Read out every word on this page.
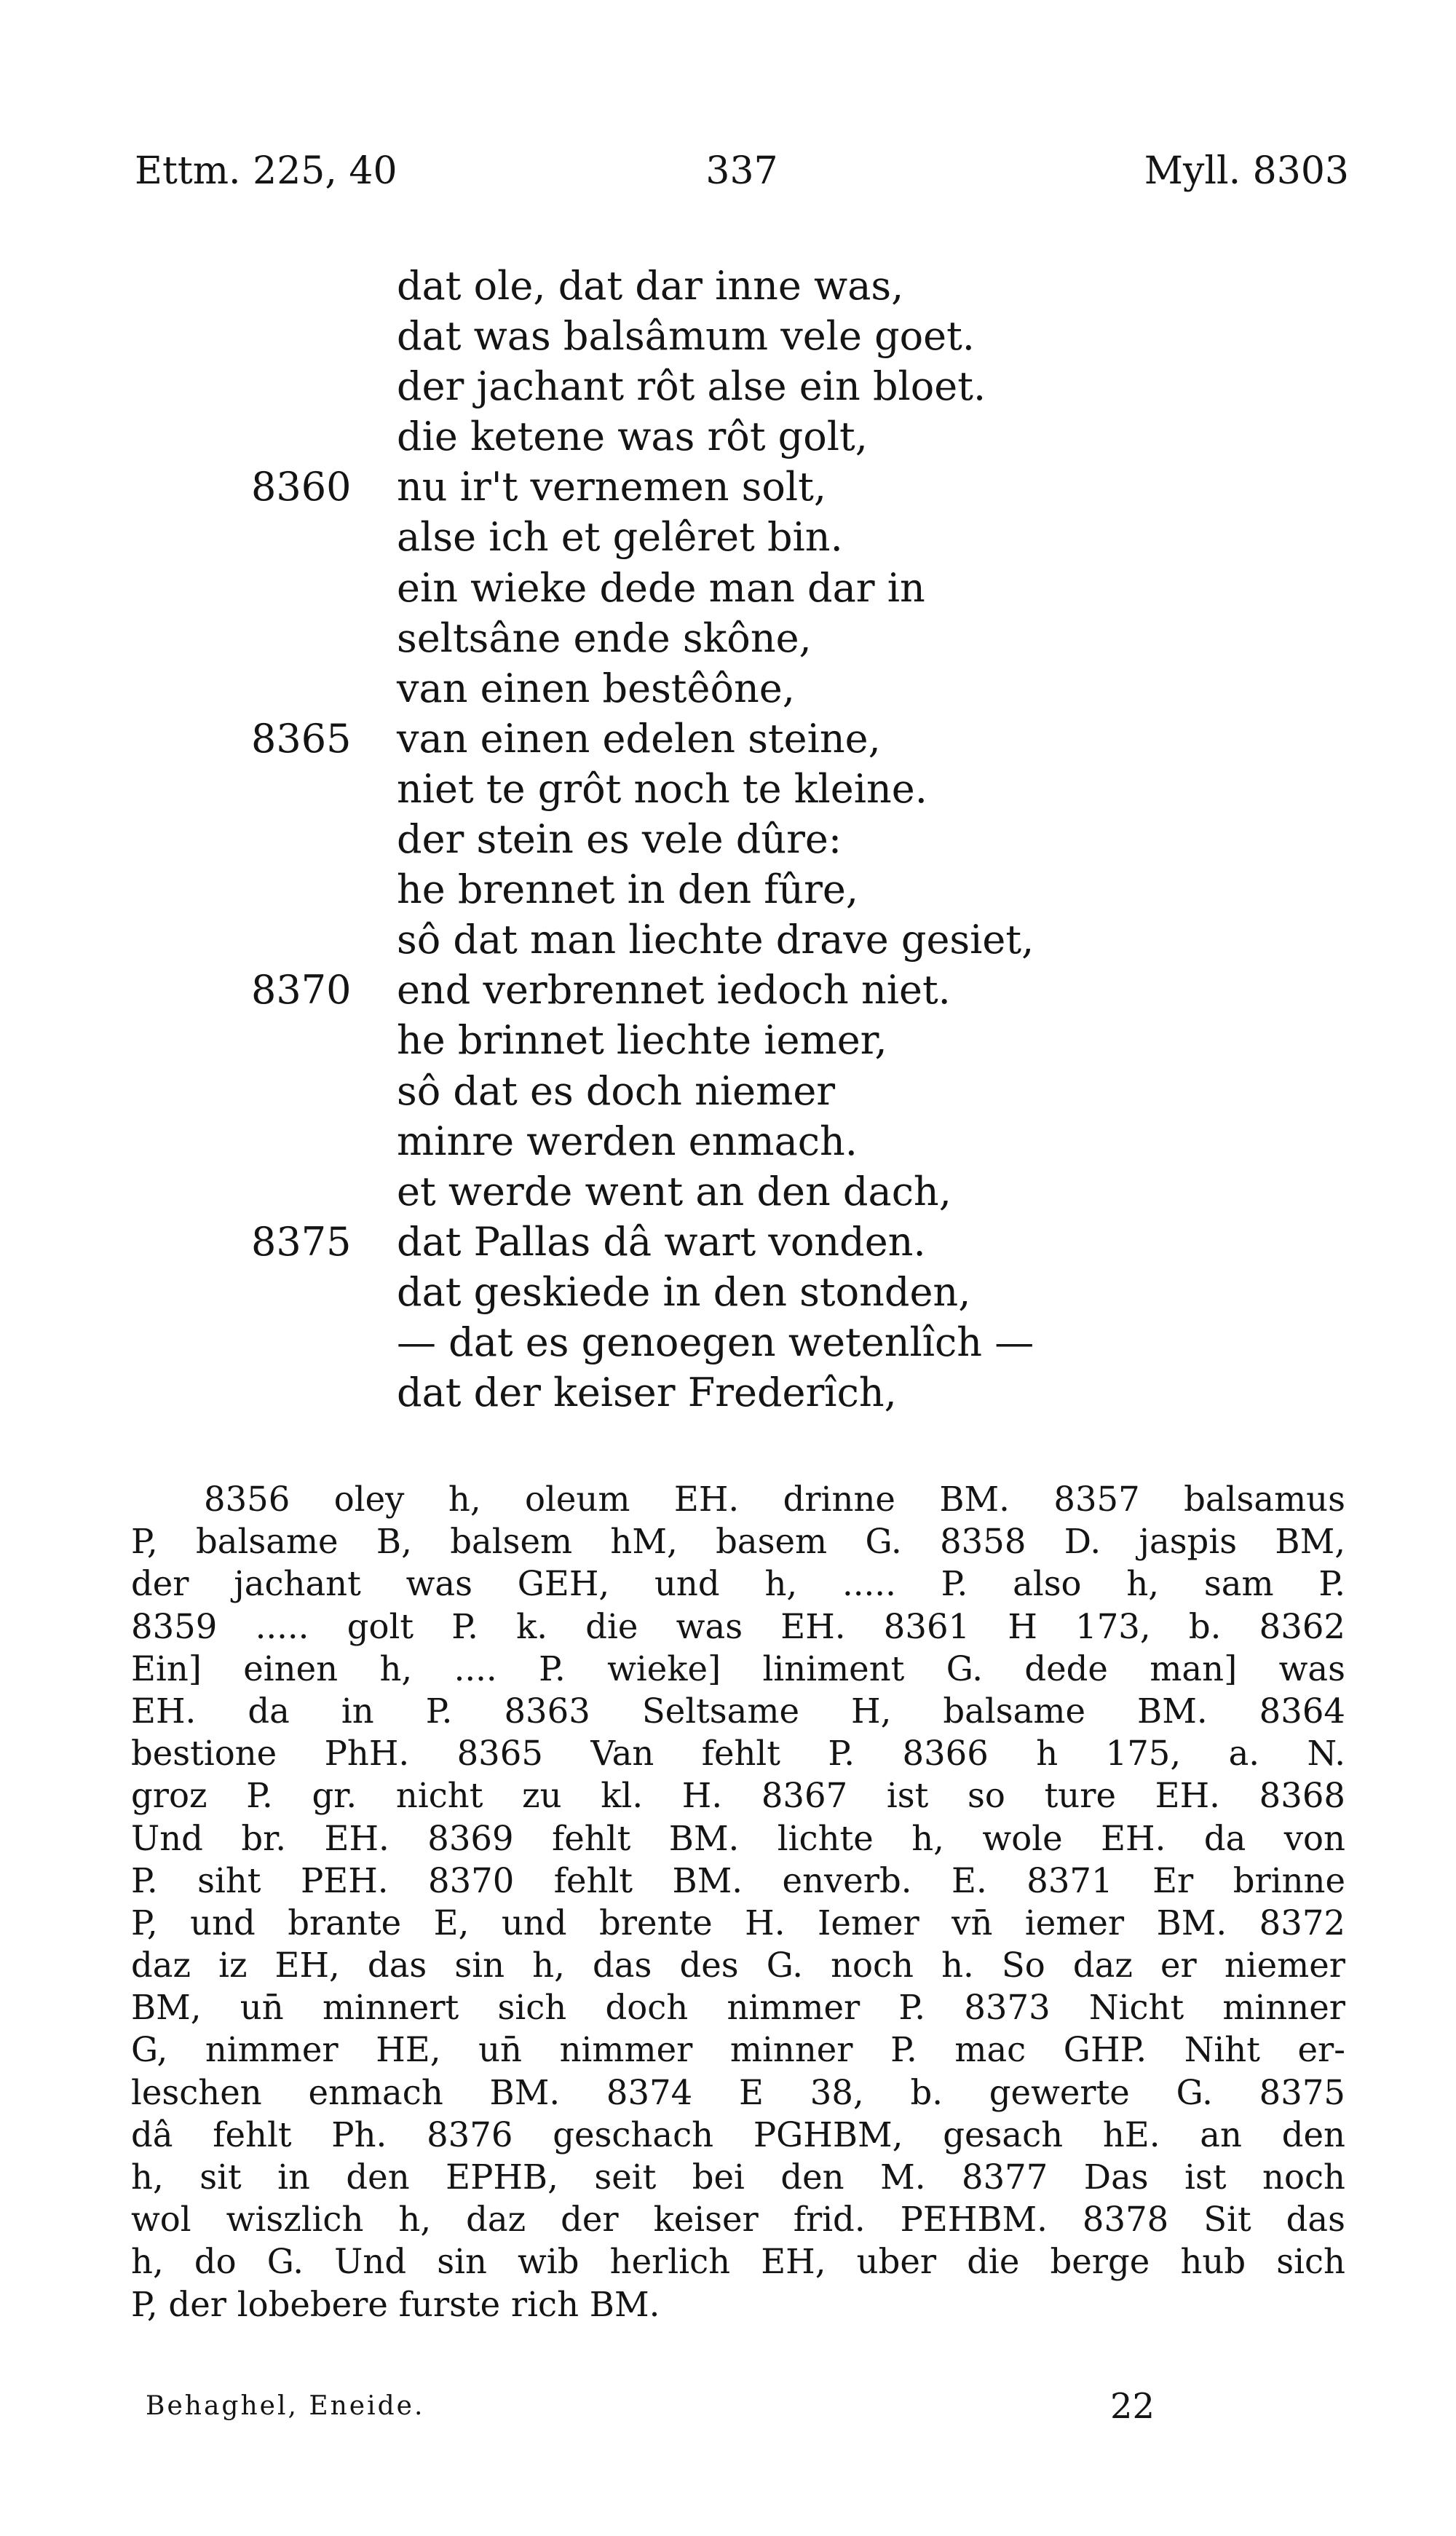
Ettm. 225, 40	337	Myll. 8303
dat ole, dat dar inne was,
dat was balsâmum vele goet.
der jachant rôt alse ein bloet.
die ketene was rôt golt,
8360 nu ir't vernemen solt,
alse ich et gelêret bin.
ein wieke dede man dar in
seltsâne ende skône,
van einen bestêône,
8365 van einen edelen steine,
niet te grôt noch te kleine.
der stein es vele dûre:
he brennet in den fûre,
sô dat man liechte drave gesiet,
8370 end verbrennet iedoch niet.
he brinnet liechte iemer,
sô dat es doch niemer
minre werden enmach.
et werde went an den dach,
8375 dat Pallas dâ wart vonden.
dat geskiede in den stonden,
— dat es genoegen wetenlîch —
dat der keiser Frederîch,
8356 oley h, oleum EH. drinne BM. 8357 balsamus
P, balsame B, balsem hM, basem G. 8358 D. jaspis BM,
der jachant was GEH, und h, ..... P. also h, sam P.
8359 ..... golt P. k. die was EH. 8361 H 173, b. 8362
Ein] einen h, .... P. wieke] liniment G. dede man] was
EH. da in P. 8363 Seltsame H, balsame BM. 8364
bestione PhH. 8365 Van fehlt P. 8366 h 175, a. N.
groz P. gr. nicht zu kl. H. 8367 ist so ture EH. 8368
Und br. EH. 8369 fehlt BM. lichte h, wole EH. da von
P. siht PEH. 8370 fehlt BM. enverb. E. 8371 Er brinne
P, und brante E, und brente H. Iemer vn̄ iemer BM. 8372
daz iz EH, das sin h, das des G. noch h. So daz er niemer
BM, un̄ minnert sich doch nimmer P. 8373 Nicht minner
G, nimmer HE, un̄ nimmer minner P. mac GHP. Niht er-
leschen enmach BM. 8374 E 38, b. gewerte G. 8375
dâ fehlt Ph. 8376 geschach PGHBM, gesach hE. an den
h, sit in den EPHB, seit bei den M. 8377 Das ist noch
wol wiszlich h, daz der keiser frid. PEHBM. 8378 Sit das
h, do G. Und sin wib herlich EH, uber die berge hub sich
P, der lobebere furste rich BM.
Behaghel, Eneide.	22
